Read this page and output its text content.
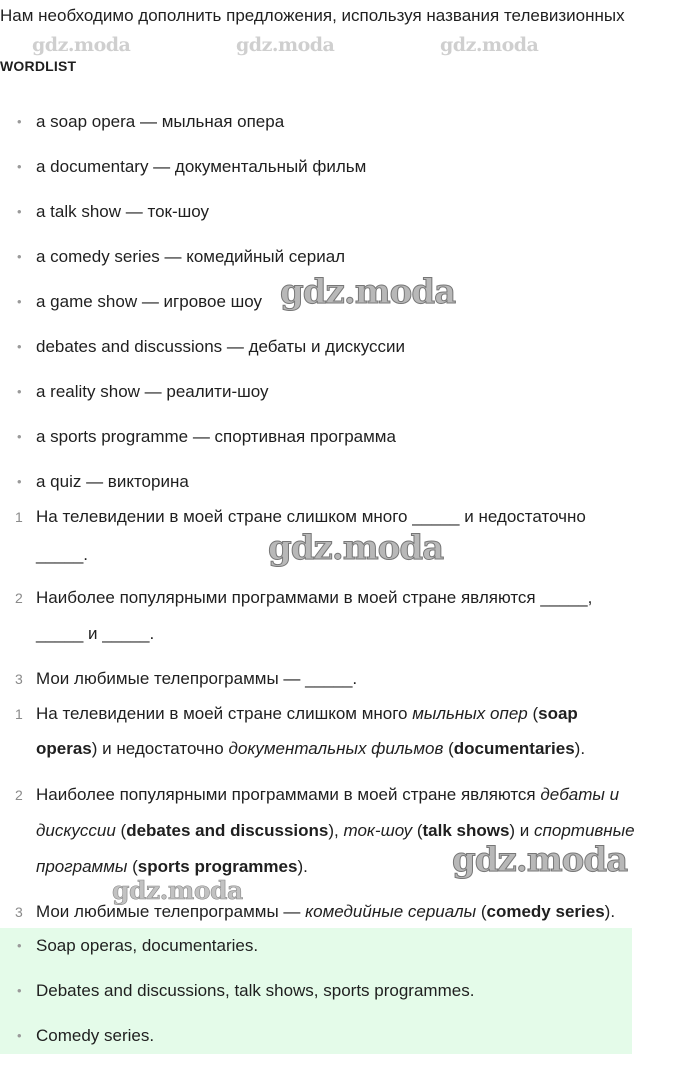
Нам необходимо дополнить предложения, используя названия телевизионных
gdz.moda	gdz.moda	gdz.moda
WORDLIST
• a soap opera — мыльная опера
• a documentary — документальный фильм
• a talk show — ток-шоу
• a comedy series — комедийный сериал
• a game show — игровое шоу
• debates and discussions — дебаты и дискуссии
• a reality show — реалити-шоу
• a sports programme — спортивная программа
• a quiz — викторина
gdz.moda
1 На телевидении в моей стране слишком много _____ и недостаточно
_____.
2 Наиболее популярными программами в моей стране являются _____,
_____ и _____.
3 Мои любимые телепрограммы — _____.
gdz.moda
1 На телевидении в моей стране слишком много мыльных опер (soap
operas) и недостаточно документальных фильмов (documentaries).
2 Наиболее популярными программами в моей стране являются дебаты и
дискуссии (debates and discussions), ток-шоу (talk shows) и спортивные
программы (sports programmes).
3 Мои любимые телепрограммы — комедийные сериалы (comedy series).
gdz.moda
gdz.moda
• Soap operas, documentaries.
• Debates and discussions, talk shows, sports programmes.
• Comedy series.
